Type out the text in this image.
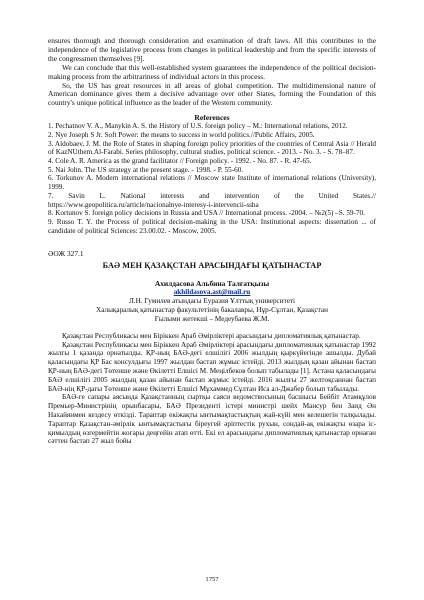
ensures thorough and thorough consideration and examination of draft laws. All this contributes to the independence of the legislative process from changes in political leadership and from the specific interests of the congressmen themselves [9].

We can conclude that this well-established system guarantees the independence of the political decision-making process from the arbitrariness of individual actors in this process.

So, the US has great resources in all areas of global competition. The multidimensional nature of American dominance gives them a decisive advantage over other States, forming the Foundation of this country's unique political influence as the leader of the Western community.

References

1. Pechatnov V. A., Manykin A. S. the History of U.S. foreign policy – M.: International relations, 2012.
2. Nye Joseph S Jr. Soft Power: the means to success in world politics.//Public Affairs, 2005.
3. Aldobaev, J. M. the Role of States in shaping foreign policy priorities of the countries of Central Asia // Herald of KazNUthem.Al-Farabi. Series philosophy, cultural studies, political science. - 2013. - No. 3. - S. 78–87.
4. Cole A. R. America as the grand facilitator // Foreign policy. - 1992. - No. 87. - R. 47-65.
5. Nai John. The US strategy at the present stage. - 1998. - P. 55-60.
6. Torkunov A. Modern international relations // Moscow state Institute of international relations (University), 1999.
7. Savin L. National interests and intervention of the United States.// https://www.geopolitica.ru/article/nacionalnye-interesy-i-intervencii-ssha
8. Kortunov S. foreign policy decisions in Russia and USA // International process. -2004. – №2(5) –S. 59-70.
9. Russo T. Y. the Process of political decision-making in the USA: Institutional aspects: dissertation ... of candidate of political Sciences: 23.00.02. - Moscow, 2005.

ӘОЖ 327.1

БАӘ МЕН ҚАЗАҚСТАН АРАСЫНДАҒЫ ҚАТЫНАСТАР

Ахилдасова Альбина Талғатқызы

akhildasova.ast@mail.ru

Л.Н. Гумилев атындағы Еуразия Ұлттық университеті

Халықаралық қатынастар факультетінің бакалавры, Нұр-Сұлтан, Қазақстан

Ғылыми жетекші – Медеубаева Ж.М.

Қазақстан Республикасы мен Біріккен Араб Әмірліктері арасындағы дипломатиялық қатынастар.

Қазақстан Республикасы мен Біріккен Араб Әмірліктері арасындағы дипломатиялық қатынастар 1992 жылғы 1 қазанда орнатылды. ҚР-ның БАӘ-дегі елшілігі 2006 жылдың қыркүйегінде ашылды. Дубай қаласындағы ҚР Бас консулдығы 1997 жылдан бастап жұмыс істейді. 2013 жылдың қазан айынан бастап ҚР-ның БАӘ-дегі Төтенше және Өкілетті Елшісі М. Меңілбеков болып табылады [1]. Астана қаласындағы БАӘ елшілігі 2005 жылдың қазан айынан бастап жұмыс істейді. 2016 жылғы 27 желтоқсаннан бастап БАӘ-нің ҚР-дағы Төтенше және Өкілетті Елшісі Мұхаммед Сұлтан Иса ал-Джабер болып табылады.

БАӘ-ге сапары аясында Қазақстанның сыртқы саяси ведомствосының басшысы Бейбіт Атамқұлов Премьер-Министрінің орынбасары, БАӘ Президенті істері министрі шейх Мансур бен Заид Ән Нахайянмен кездесу өткізді. Тараптар екіжақты ынтымақтастықтың жай-күйі мен келешегін талқылады. Тараптар Қазақстан-әмірлік ынтымақтастығы біреугей әріптестік рухын, сондай-ақ екіжақты өзара іс-қимылдың өзгермейтін жоғары деңгейін атап өтті. Екі ел арасындағы дипломатиялық қатынастар орнаған сәттен бастап 27 жыл бойы

1757
